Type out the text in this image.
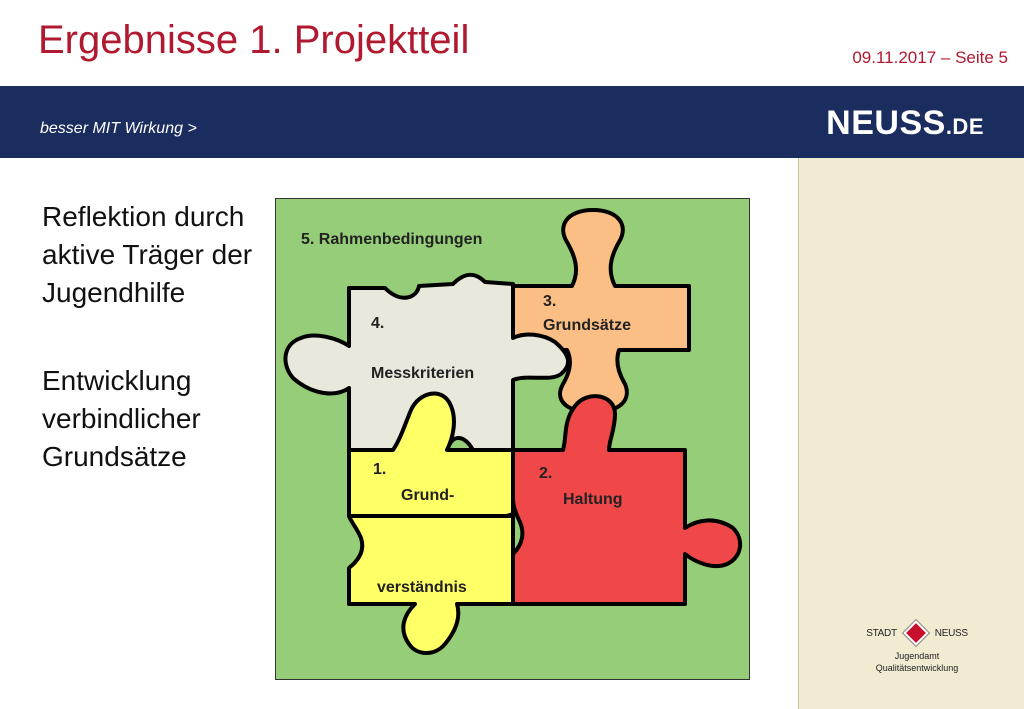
Ergebnisse 1. Projektteil	09.11.2017 – Seite 5
besser MIT Wirkung >	NEUSS.DE

Reflektion durch aktive Träger der Jugendhilfe

Entwicklung verbindlicher Grundsätze

5. Rahmenbedingungen
3.
Grundsätze
4.
Messkriterien
1.
Grund-
verständnis
2.
Haltung
STADT	NEUSS
Jugendamt
Qualitätsentwicklung
